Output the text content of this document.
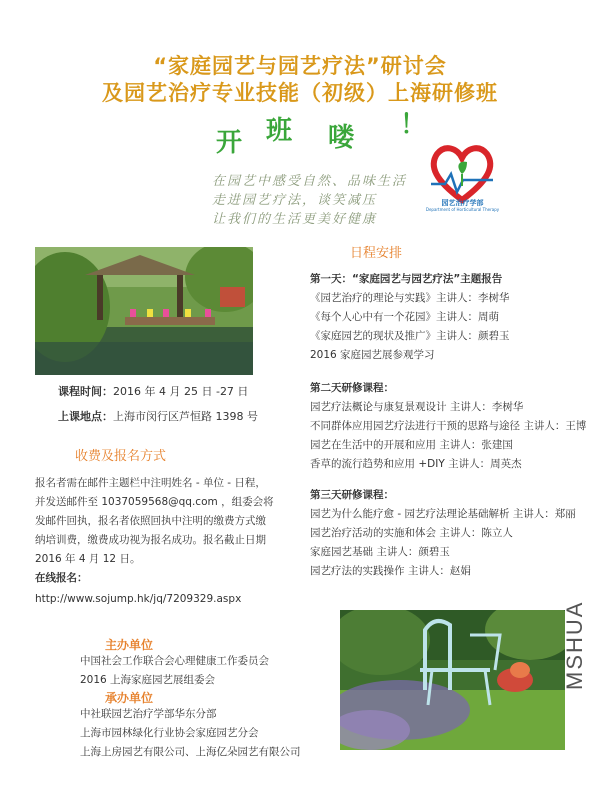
“家庭园艺与园艺疗法”研讨会
及园艺治疗专业技能（初级）上海研修班
开 班 喽 ！
在园艺中感受自然、品味生活
走进园艺疗法，谈笑减压
让我们的生活更美好健康
园艺治疗学部
Department of Horticultural Therapy
课程时间：2016 年 4 月 25 日 -27 日
上课地点：上海市闵行区芦恒路 1398 号
收费及报名方式
报名者需在邮件主题栏中注明姓名 - 单位 - 日程，
并发送邮件至 1037059568@qq.com ，组委会将
发邮件回执，报名者依照回执中注明的缴费方式缴
纳培训费，缴费成功视为报名成功。报名截止日期
2016 年 4 月 12 日。
在线报名：
http://www.sojump.hk/jq/7209329.aspx
主办单位
中国社会工作联合会心理健康工作委员会
2016 上海家庭园艺展组委会
承办单位
中社联园艺治疗学部华东分部
上海市园林绿化行业协会家庭园艺分会
上海上房园艺有限公司、上海亿朵园艺有限公司
日程安排
第一天：“家庭园艺与园艺疗法”主题报告
《园艺治疗的理论与实践》主讲人：李树华
《每个人心中有一个花园》主讲人：周萌
《家庭园艺的现状及推广》主讲人：颜碧玉
2016 家庭园艺展参观学习
第二天研修课程：
园艺疗法概论与康复景观设计 主讲人：李树华
不同群体应用园艺疗法进行干预的思路与途径 主讲人：王博
园艺在生活中的开展和应用 主讲人：张建国
香草的流行趋势和应用 +DIY 主讲人：周英杰
第三天研修课程：
园艺为什么能疗愈 - 园艺疗法理论基础解析 主讲人：郑丽
园艺治疗活动的实施和体会 主讲人：陈立人
家庭园艺基础 主讲人：颜碧玉
园艺疗法的实践操作 主讲人：赵娟
MSHUA
